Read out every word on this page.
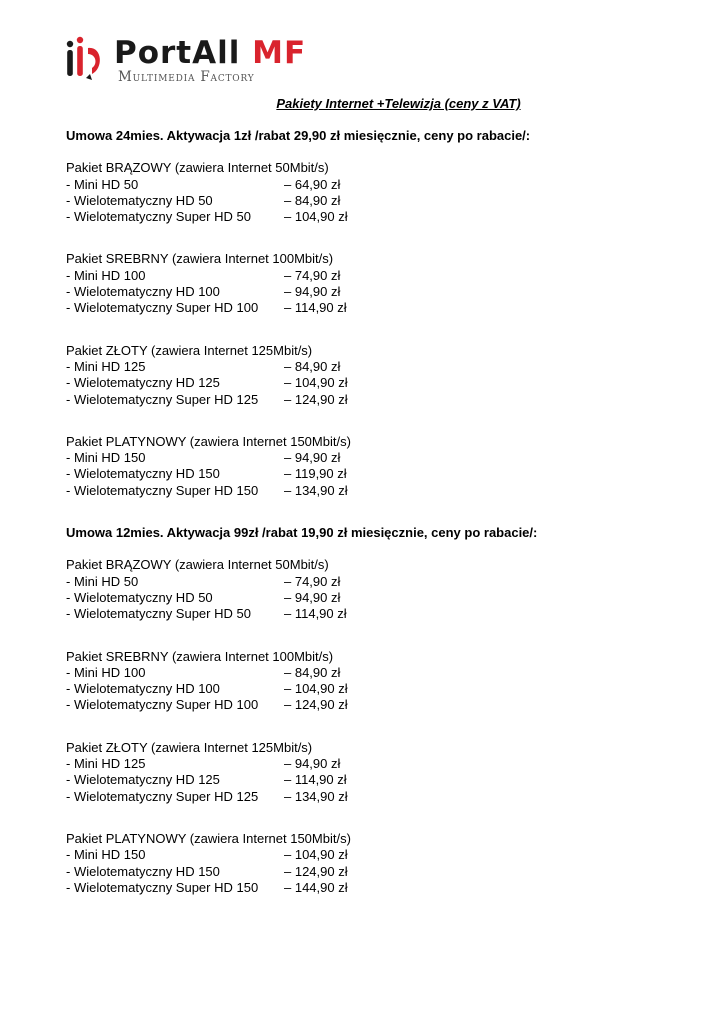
PortAll MF
Multimedia Factory
Pakiety Internet +Telewizja (ceny z VAT)
Umowa 24mies. Aktywacja 1zł /rabat 29,90 zł miesięcznie, ceny po rabacie/:
Pakiet BRĄZOWY (zawiera Internet 50Mbit/s)
- Mini HD 50	– 64,90 zł
- Wielotematyczny HD 50	– 84,90 zł
- Wielotematyczny Super HD 50	– 104,90 zł
Pakiet SREBRNY (zawiera Internet 100Mbit/s)
- Mini HD 100	– 74,90 zł
- Wielotematyczny HD 100	– 94,90 zł
- Wielotematyczny Super HD 100 – 114,90 zł
Pakiet ZŁOTY (zawiera Internet 125Mbit/s)
- Mini HD 125	– 84,90 zł
- Wielotematyczny HD 125	– 104,90 zł
- Wielotematyczny Super HD 125 – 124,90 zł
Pakiet PLATYNOWY (zawiera Internet 150Mbit/s)
- Mini HD 150	– 94,90 zł
- Wielotematyczny HD 150	– 119,90 zł
- Wielotematyczny Super HD 150 – 134,90 zł
Umowa 12mies. Aktywacja 99zł /rabat 19,90 zł miesięcznie, ceny po rabacie/:
Pakiet BRĄZOWY (zawiera Internet 50Mbit/s)
- Mini HD 50	– 74,90 zł
- Wielotematyczny HD 50	– 94,90 zł
- Wielotematyczny Super HD 50	– 114,90 zł
Pakiet SREBRNY (zawiera Internet 100Mbit/s)
- Mini HD 100	– 84,90 zł
- Wielotematyczny HD 100	– 104,90 zł
- Wielotematyczny Super HD 100 – 124,90 zł
Pakiet ZŁOTY (zawiera Internet 125Mbit/s)
- Mini HD 125	– 94,90 zł
- Wielotematyczny HD 125	– 114,90 zł
- Wielotematyczny Super HD 125 – 134,90 zł
Pakiet PLATYNOWY (zawiera Internet 150Mbit/s)
- Mini HD 150	– 104,90 zł
- Wielotematyczny HD 150	– 124,90 zł
- Wielotematyczny Super HD 150 – 144,90 zł
